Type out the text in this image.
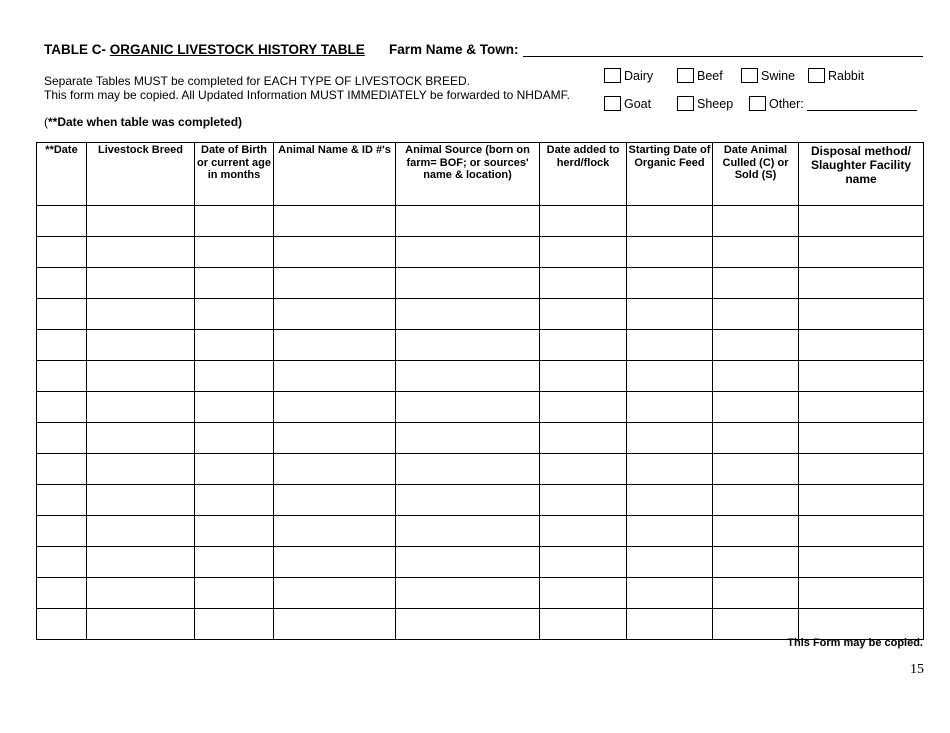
TABLE C- ORGANIC LIVESTOCK HISTORY TABLE Farm Name & Town:
Separate Tables MUST be completed for EACH TYPE OF LIVESTOCK BREED.
This form may be copied. All Updated Information MUST IMMEDIATELY be forwarded to NHDAMF.
(**Date when table was completed)
Dairy	Beef	Swine	Rabbit
Goat	Sheep	Other:
**Date	Livestock Breed	Date of Birth or current age in months	Animal Name & ID #'s	Animal Source (born on farm= BOF; or sources' name & location)	Date added to herd/flock	Starting Date of Organic Feed	Date Animal Culled (C) or Sold (S)	Disposal method/ Slaughter Facility name

This Form may be copied.
15
